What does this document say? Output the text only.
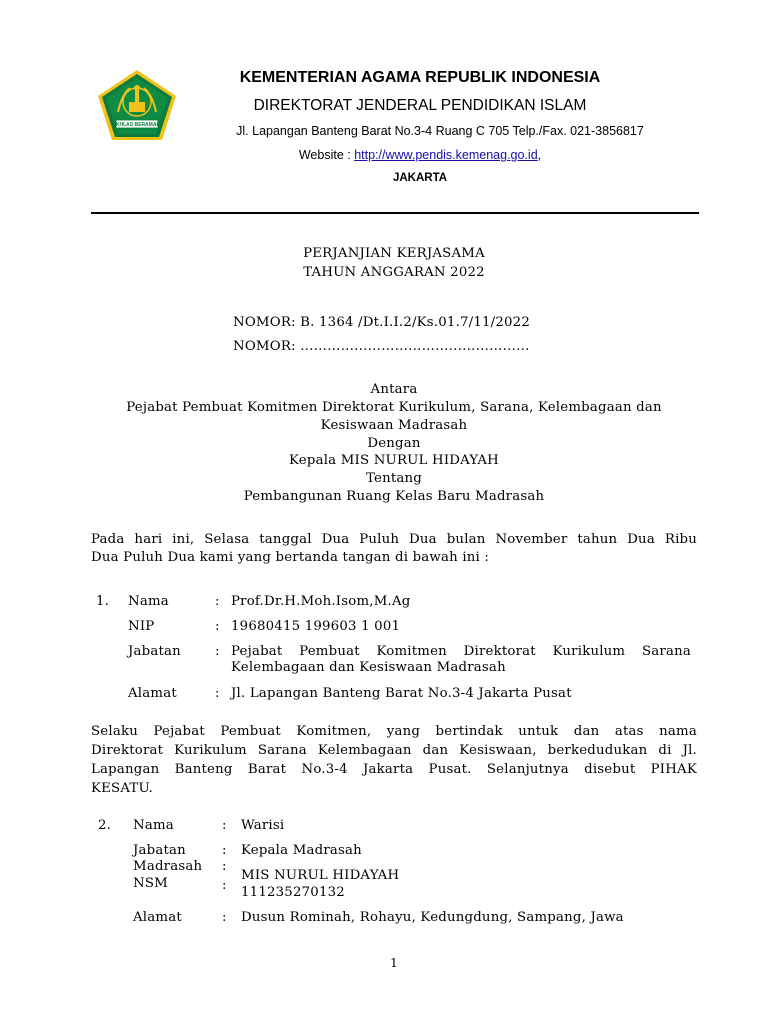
IKHLAS BERAMAL
KEMENTERIAN AGAMA REPUBLIK INDONESIA
DIREKTORAT JENDERAL PENDIDIKAN ISLAM
Jl. Lapangan Banteng Barat No.3-4 Ruang C 705 Telp./Fax. 021-3856817
Website : http://www.pendis.kemenag.go.id,
JAKARTA
PERJANJIAN KERJASAMA
TAHUN ANGGARAN 2022
NOMOR: B. 1364 /Dt.I.I.2/Ks.01.7/11/2022
NOMOR: ……………………………………………
Antara
Pejabat Pembuat Komitmen Direktorat Kurikulum, Sarana, Kelembagaan dan
Kesiswaan Madrasah
Dengan
Kepala MIS NURUL HIDAYAH
Tentang
Pembangunan Ruang Kelas Baru Madrasah
Pada hari ini, Selasa tanggal Dua Puluh Dua bulan November tahun Dua Ribu
Dua Puluh Dua kami yang bertanda tangan di bawah ini :
1. Nama	: Prof.Dr.H.Moh.Isom,M.Ag
NIP	: 19680415 199603 1 001
Jabatan	: Pejabat Pembuat Komitmen Direktorat Kurikulum Sarana
Kelembagaan dan Kesiswaan Madrasah
Alamat	: Jl. Lapangan Banteng Barat No.3-4 Jakarta Pusat
Selaku Pejabat Pembuat Komitmen, yang bertindak untuk dan atas nama
Direktorat Kurikulum Sarana Kelembagaan dan Kesiswaan, berkedudukan di Jl.
Lapangan Banteng Barat No.3-4 Jakarta Pusat. Selanjutnya disebut PIHAK
KESATU.
2. Nama	: Warisi
Jabatan	: Kepala Madrasah
Madrasah :
MIS NURUL HIDAYAH
NSM	: 111235270132
Alamat	: Dusun Rominah, Rohayu, Kedungdung, Sampang, Jawa
1
